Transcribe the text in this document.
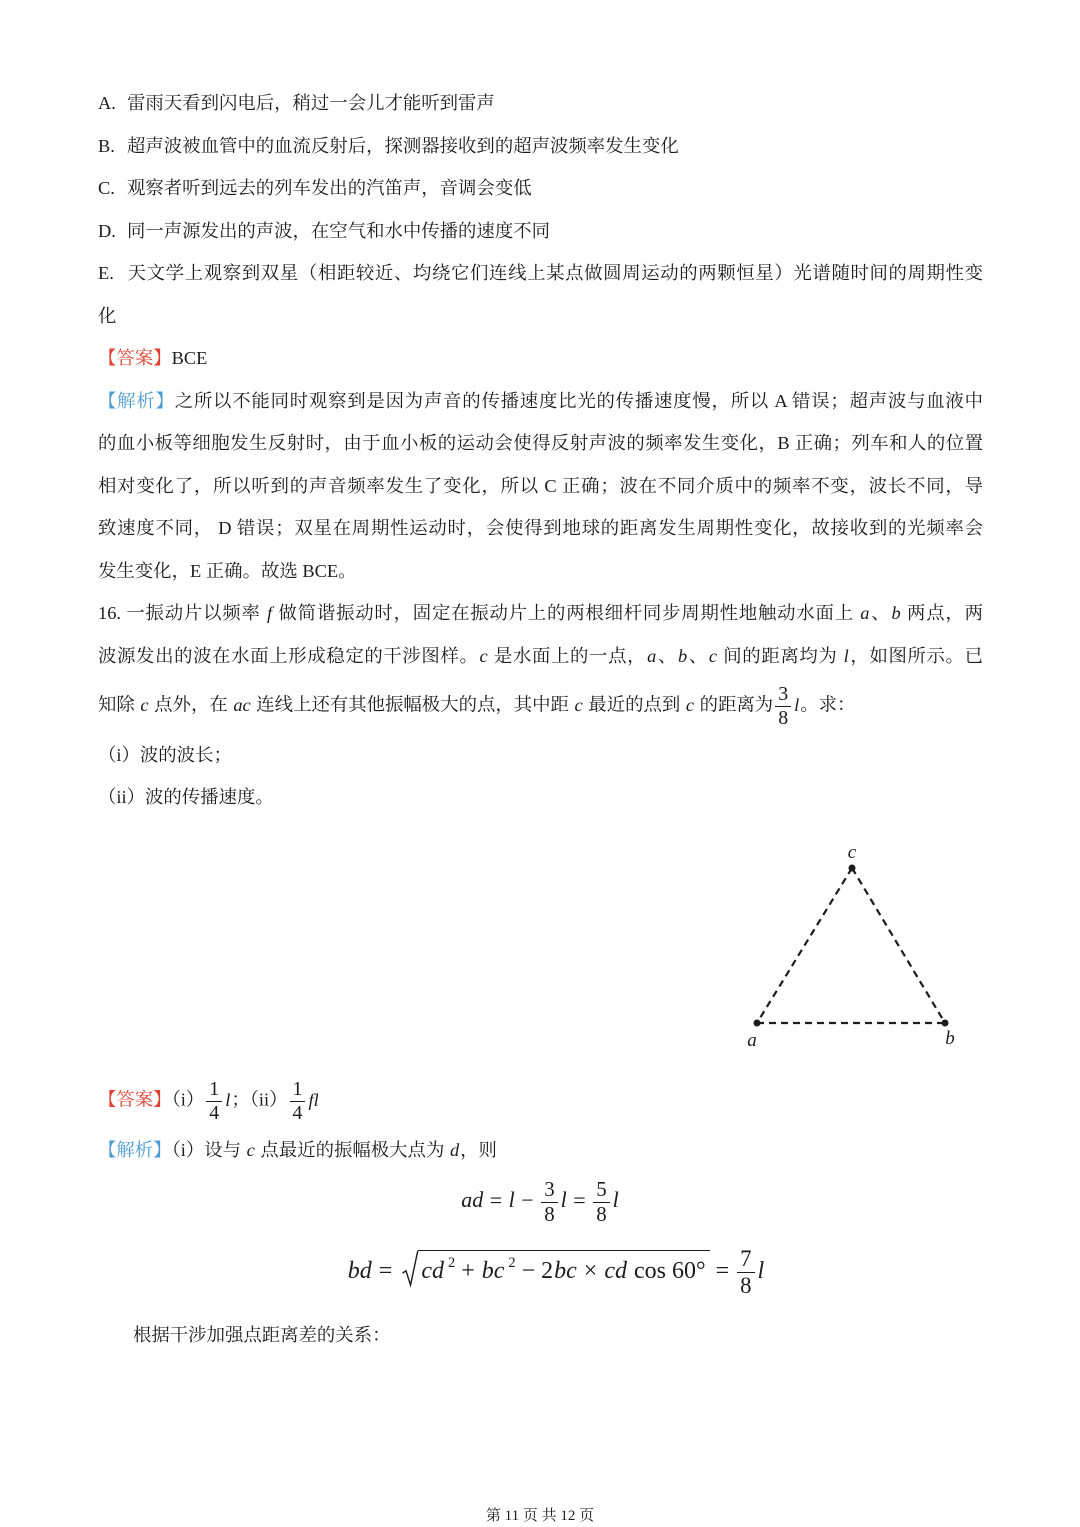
A. 雷雨天看到闪电后，稍过一会儿才能听到雷声
B. 超声波被血管中的血流反射后，探测器接收到的超声波频率发生变化
C. 观察者听到远去的列车发出的汽笛声，音调会变低
D. 同一声源发出的声波，在空气和水中传播的速度不同
E. 天文学上观察到双星（相距较近、均绕它们连线上某点做圆周运动的两颗恒星）光谱随时间的周期性变
化
【答案】BCE
【解析】之所以不能同时观察到是因为声音的传播速度比光的传播速度慢，所以 A 错误；超声波与血液中
的血小板等细胞发生反射时，由于血小板的运动会使得反射声波的频率发生变化，B 正确；列车和人的位置
相对变化了，所以听到的声音频率发生了变化，所以 C 正确；波在不同介质中的频率不变，波长不同，导
致速度不同， D 错误；双星在周期性运动时，会使得到地球的距离发生周期性变化，故接收到的光频率会
发生变化，E 正确。故选 BCE。
16. 一振动片以频率 f 做简谐振动时，固定在振动片上的两根细杆同步周期性地触动水面上 a、b 两点，两
波源发出的波在水面上形成稳定的干涉图样。c 是水面上的一点，a、b、c 间的距离均为 l，如图所示。已
知除 c 点外，在 ac 连线上还有其他振幅极大的点，其中距 c 最近的点到 c 的距离为 $\frac{3}{8}$ l。求：
（i）波的波长；
（ii）波的传播速度。
c
a	b
【答案】$(i) \frac{1}{4}$ l；$(ii) \frac{1}{4}$ fl
【解析】（i）设与 c 点最近的振幅极大点为 d，则
ad = $l - \frac{3}{8}$ $l = \frac{5}{8}$ l
bd =
cd $^2$ + bc $^2$ − 2bc × cd $\cos 60^\circ = \frac{7}{8}$ l
根据干涉加强点距离差的关系：
第 11 页 共 12 页
